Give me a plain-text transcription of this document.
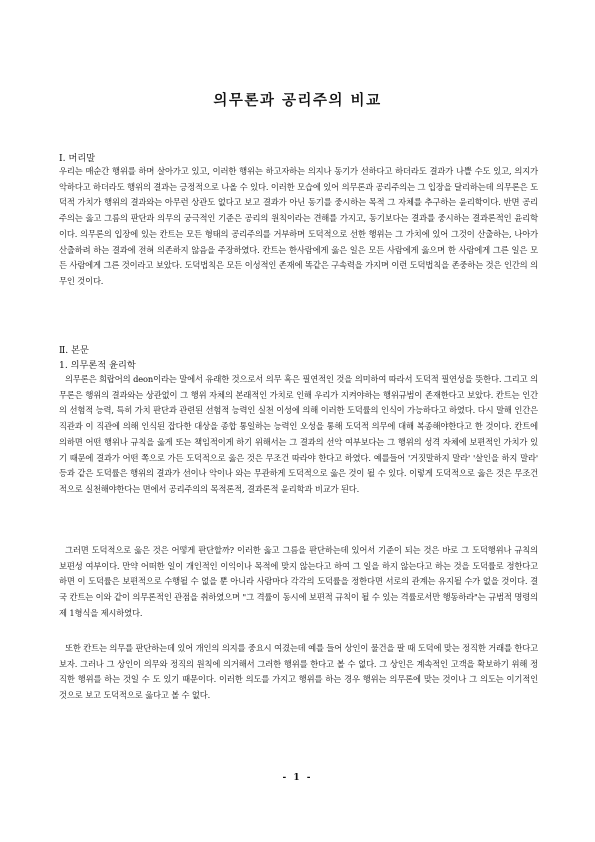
의무론과 공리주의 비교
Ⅰ. 머리말

우리는 매순간 행위를 하며 살아가고 있고, 이러한 행위는 하고자하는 의지나 동기가 선하다고 하더라도 결과가 나쁠 수도 있고, 의지가 악하다고 하더라도 행위의 결과는 긍정적으로 나올 수 있다. 이러한 모습에 있어 의무론과 공리주의는 그 입장을 달리하는데 의무론은 도덕적 가치가 행위의 결과와는 아무런 상관도 없다고 보고 결과가 아닌 동기를 중시하는 목적 그 자체를 추구하는 윤리학이다. 반면 공리주의는 옳고 그름의 판단과 의무의 궁극적인 기준은 공리의 원칙이라는 견해를 가지고, 동기보다는 결과를 중시하는 결과론적인 윤리학이다. 의무론의 입장에 있는 칸트는 모든 형태의 공리주의를 거부하며 도덕적으로 선한 행위는 그 가치에 있어 그것이 산출하는, 나아가 산출하려 하는 결과에 전혀 의존하지 않음을 주장하였다. 칸트는 한사람에게 옳은 일은 모든 사람에게 옳으며 한 사람에게 그른 일은 모든 사람에게 그른 것이라고 보았다. 도덕법칙은 모든 이성적인 존재에 똑같은 구속력을 가지며 이런 도덕법칙을 존중하는 것은 인간의 의무인 것이다.

Ⅱ. 본문
1. 의무론적 윤리학

의무론은 희랍어의 deon이라는 말에서 유래한 것으로서 의무 혹은 필연적인 것을 의미하여 따라서 도덕적 필연성을 뜻한다. 그리고 의무론은 행위의 결과와는 상관없이 그 행위 자체의 본래적인 가치로 인해 우리가 지켜야하는 행위규범이 존재한다고 보았다. 칸트는 인간의 선험적 능력, 특히 가치 판단과 관련된 선험적 능력인 실천 이성에 의해 이러한 도덕률의 인식이 가능하다고 하였다. 다시 말해 인간은 직관과 이 직관에 의해 인식된 잡다한 대상을 종합 통일하는 능력인 오성을 통해 도덕적 의무에 대해 복종해야한다고 한 것이다. 칸트에 의하면 어떤 행위나 규칙을 옳게 또는 책임적이게 하기 위해서는 그 결과의 선악 여부보다는 그 행위의 성격 자체에 보편적인 가치가 있기 때문에 결과가 어떤 쪽으로 가든 도덕적으로 옳은 것은 무조건 따라야 한다고 하였다. 예를들어 '거짓말하지 말라' '살인을 하지 말라' 등과 같은 도덕률은 행위의 결과가 선이나 악이나 와는 무관하게 도덕적으로 옳은 것이 될 수 있다. 이렇게 도덕적으로 옳은 것은 무조건적으로 실천해야한다는 면에서 공리주의의 목적론적, 결과론적 윤리학과 비교가 된다.

그러면 도덕적으로 옳은 것은 어떻게 판단할까? 이러한 옳고 그름을 판단하는데 있어서 기준이 되는 것은 바로 그 도덕행위나 규칙의 보편성 여부이다. 만약 어떠한 일이 개인적인 이익이나 목적에 맞지 않는다고 하여 그 일을 하지 않는다고 하는 것을 도덕률로 정한다고 하면 이 도덕률은 보편적으로 수행될 수 없을 뿐 아니라 사람마다 각각의 도덕률을 정한다면 서로의 관계는 유지될 수가 없을 것이다. 결국 칸트는 이와 같이 의무론적인 관점을 취하였으며 "그 격률이 동시에 보편적 규칙이 될 수 있는 격률로서만 행동하라"는 규범적 명령의 제 1형식을 제시하였다.

또한 칸트는 의무를 판단하는데 있어 개인의 의지를 중요시 여겼는데 예를 들어 상인이 물건을 팔 때 도덕에 맞는 정직한 거래를 한다고 보자. 그러나 그 상인이 의무와 정직의 원칙에 의거해서 그러한 행위를 한다고 볼 수 없다. 그 상인은 계속적인 고객을 확보하기 위해 정직한 행위를 하는 것일 수 도 있기 때문이다. 이러한 의도를 가지고 행위를 하는 경우 행위는 의무론에 맞는 것이나 그 의도는 이기적인 것으로 보고 도덕적으로 옳다고 볼 수 없다.

- 1 -
